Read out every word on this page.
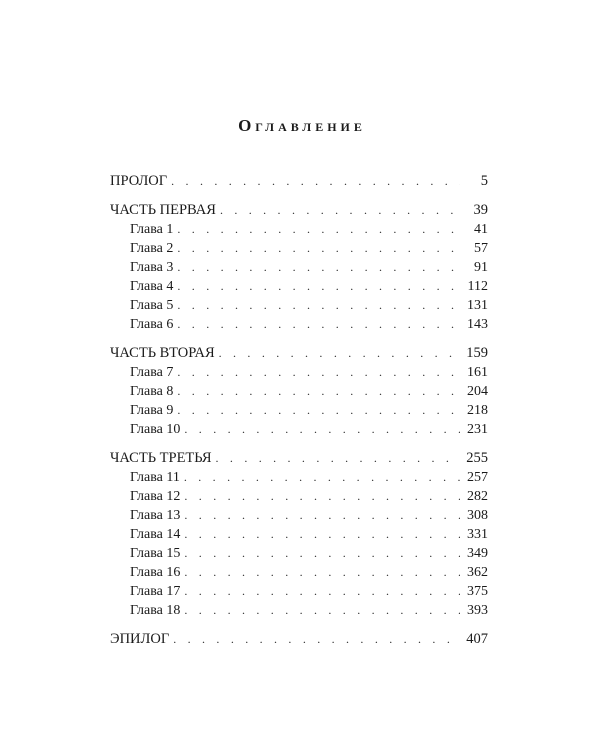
Оглавление
ПРОЛОГ . . .	5
ЧАСТЬ ПЕРВАЯ . . .	39
Глава 1 . . .	41
Глава 2 . . .	57
Глава 3 . . .	91
Глава 4 . . .	112
Глава 5 . . .	131
Глава 6 . . .	143
ЧАСТЬ ВТОРАЯ . . .	159
Глава 7 . . .	161
Глава 8 . . .	204
Глава 9 . . .	218
Глава 10 . . .	231
ЧАСТЬ ТРЕТЬЯ . . .	255
Глава 11 . . .	257
Глава 12 . . .	282
Глава 13 . . .	308
Глава 14 . . .	331
Глава 15 . . .	349
Глава 16 . . .	362
Глава 17 . . .	375
Глава 18 . . .	393
ЭПИЛОГ . . .	407
